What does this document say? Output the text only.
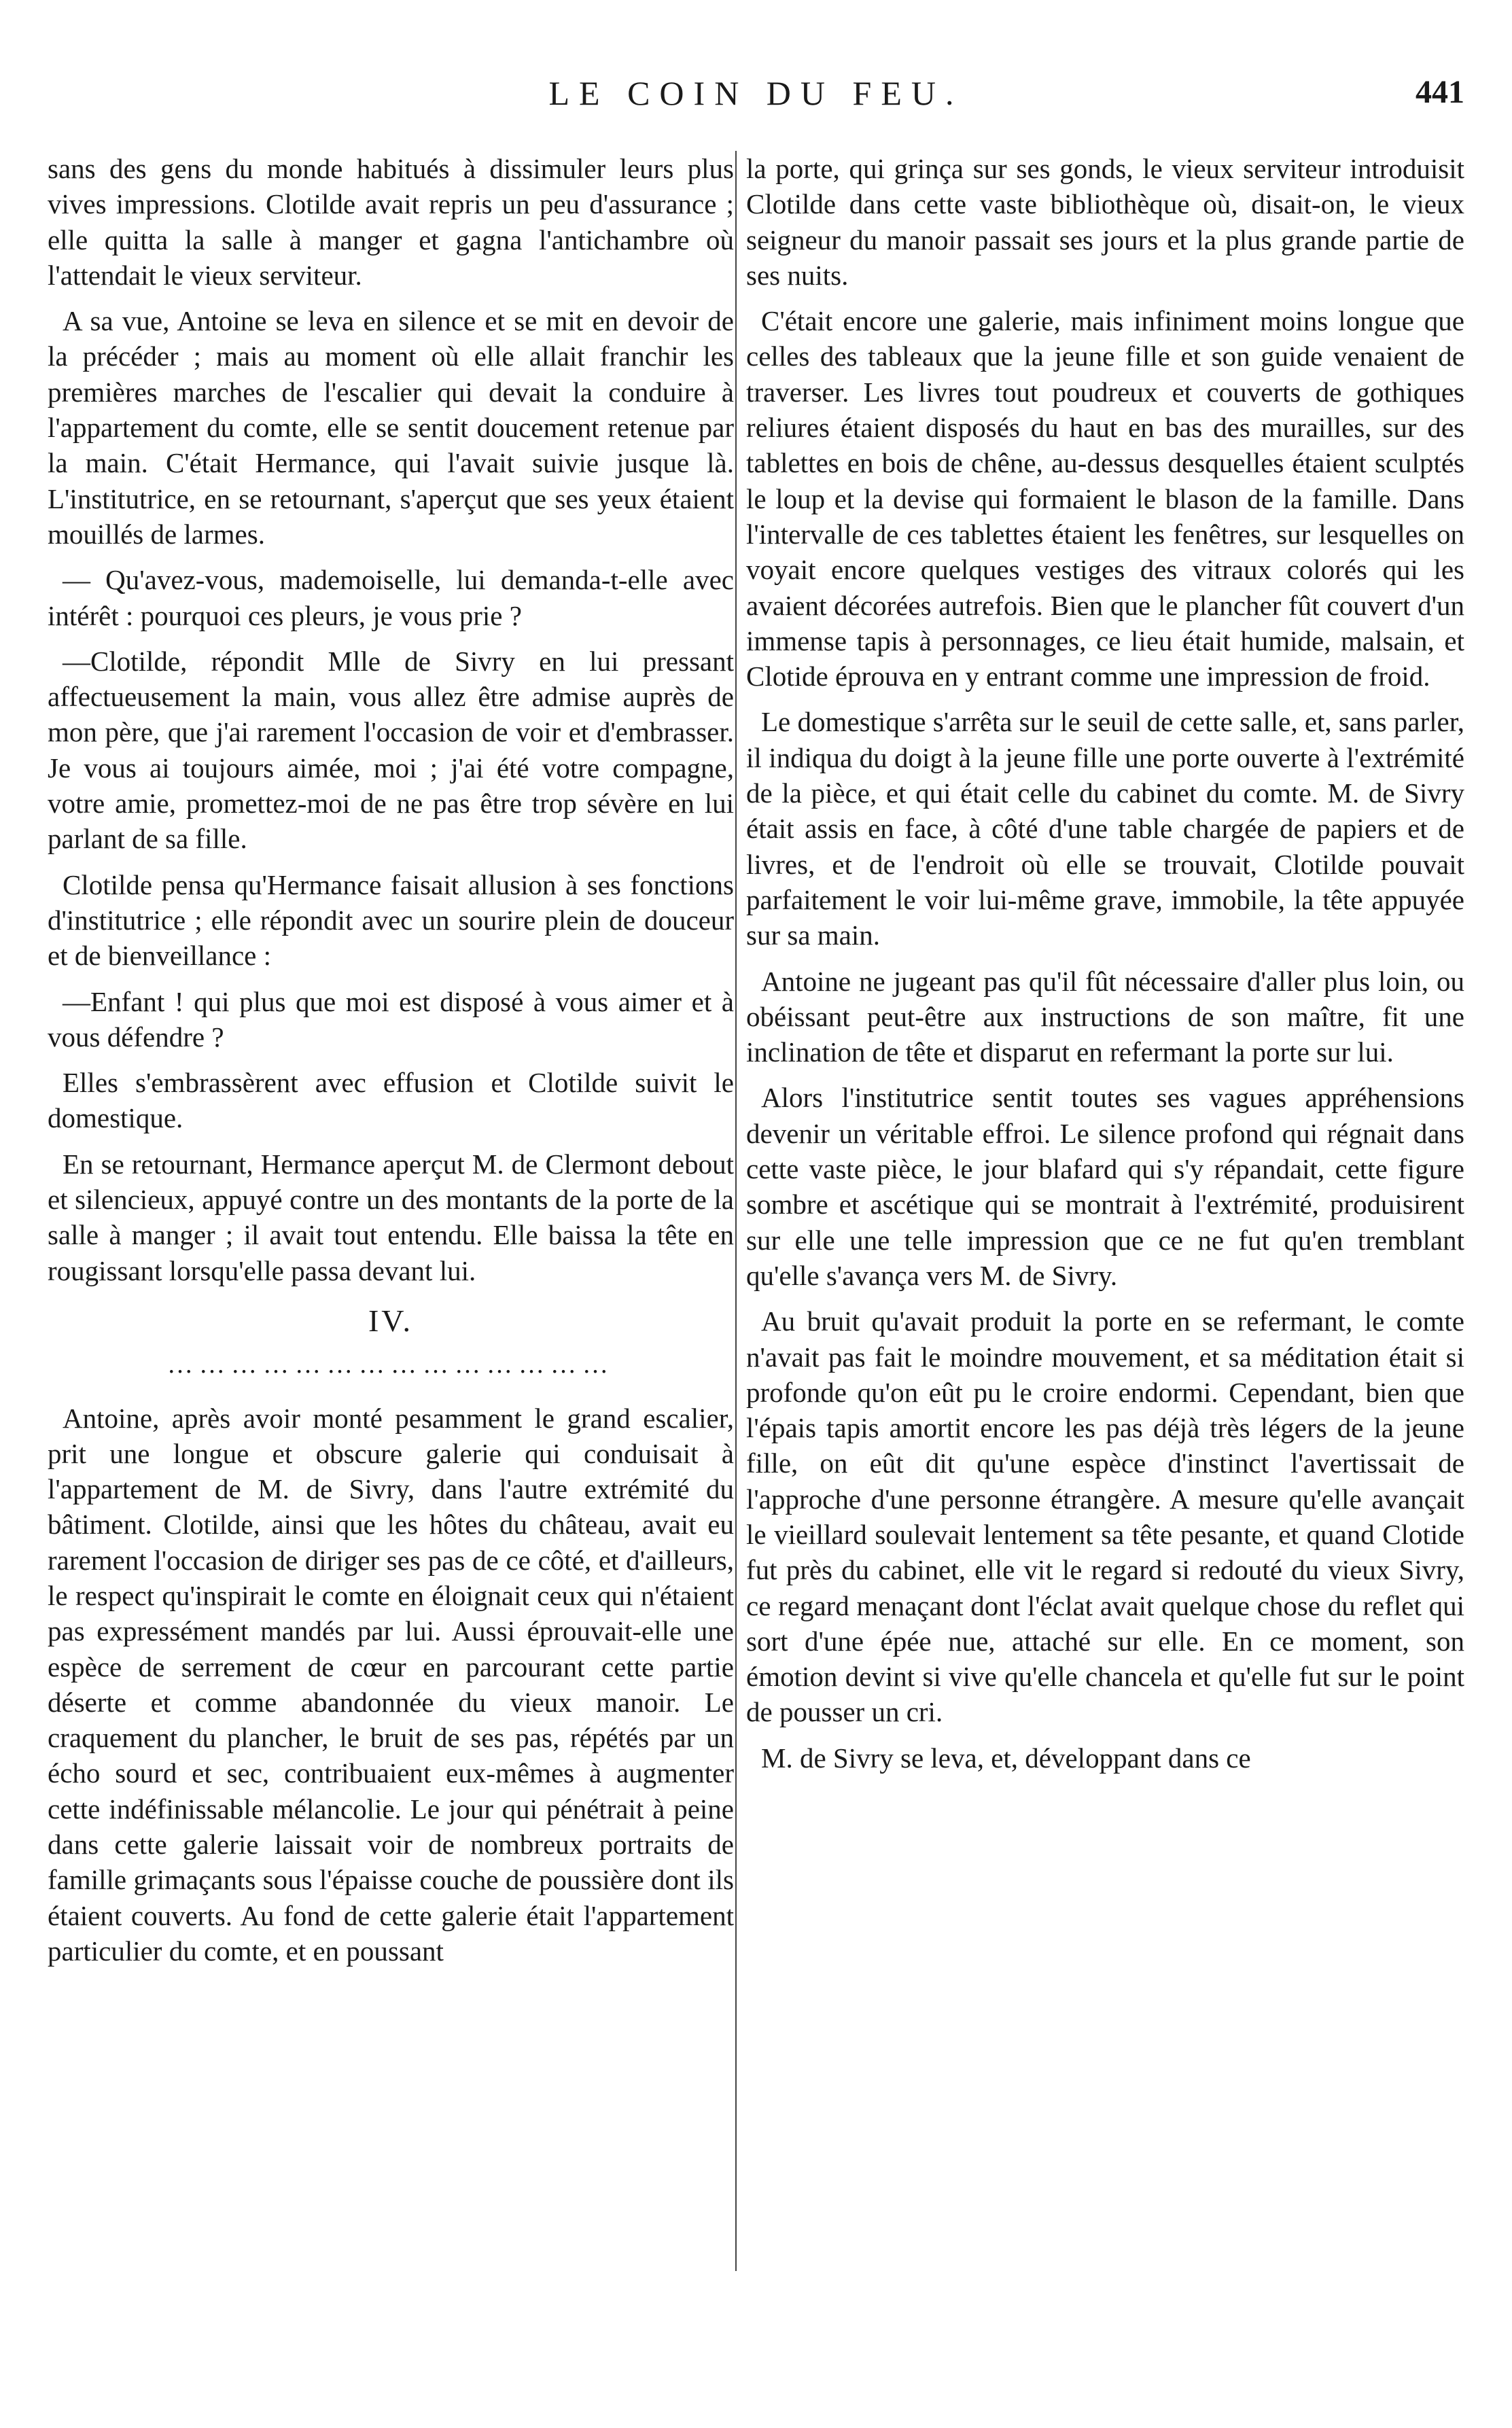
LE COIN DU FEU.	441

sans des gens du monde habitués à dissimuler leurs plus vives impressions. Clotilde avait repris un peu d'assurance ; elle quitta la salle à manger et gagna l'antichambre où l'attendait le vieux serviteur.

A sa vue, Antoine se leva en silence et se mit en devoir de la précéder ; mais au moment où elle allait franchir les premières marches de l'escalier qui devait la conduire à l'appartement du comte, elle se sentit doucement retenue par la main. C'était Hermance, qui l'avait suivie jusque là. L'institutrice, en se retournant, s'aperçut que ses yeux étaient mouillés de larmes.

— Qu'avez-vous, mademoiselle, lui demanda-t-elle avec intérêt : pourquoi ces pleurs, je vous prie ?

—Clotilde, répondit Mlle de Sivry en lui pressant affectueusement la main, vous allez être admise auprès de mon père, que j'ai rarement l'occasion de voir et d'embrasser. Je vous ai toujours aimée, moi ; j'ai été votre compagne, votre amie, promettez-moi de ne pas être trop sévère en lui parlant de sa fille.

Clotilde pensa qu'Hermance faisait allusion à ses fonctions d'institutrice ; elle répondit avec un sourire plein de douceur et de bienveillance :

—Enfant ! qui plus que moi est disposé à vous aimer et à vous défendre ?

Elles s'embrassèrent avec effusion et Clotilde suivit le domestique.

En se retournant, Hermance aperçut M. de Clermont debout et silencieux, appuyé contre un des montants de la porte de la salle à manger ; il avait tout entendu. Elle baissa la tête en rougissant lorsqu'elle passa devant lui.

IV.
……………………………………

Antoine, après avoir monté pesamment le grand escalier, prit une longue et obscure galerie qui conduisait à l'appartement de M. de Sivry, dans l'autre extrémité du bâtiment. Clotilde, ainsi que les hôtes du château, avait eu rarement l'occasion de diriger ses pas de ce côté, et d'ailleurs, le respect qu'inspirait le comte en éloignait ceux qui n'étaient pas expressément mandés par lui. Aussi éprouvait-elle une espèce de serrement de cœur en parcourant cette partie déserte et comme abandonnée du vieux manoir. Le craquement du plancher, le bruit de ses pas, répétés par un écho sourd et sec, contribuaient eux-mêmes à augmenter cette indéfinissable mélancolie. Le jour qui pénétrait à peine dans cette galerie laissait voir de nombreux portraits de famille grimaçants sous l'épaisse couche de poussière dont ils étaient couverts. Au fond de cette galerie était l'appartement particulier du comte, et en poussant

la porte, qui grinça sur ses gonds, le vieux serviteur introduisit Clotilde dans cette vaste bibliothèque où, disait-on, le vieux seigneur du manoir passait ses jours et la plus grande partie de ses nuits.

C'était encore une galerie, mais infiniment moins longue que celles des tableaux que la jeune fille et son guide venaient de traverser. Les livres tout poudreux et couverts de gothiques reliures étaient disposés du haut en bas des murailles, sur des tablettes en bois de chêne, au-dessus desquelles étaient sculptés le loup et la devise qui formaient le blason de la famille. Dans l'intervalle de ces tablettes étaient les fenêtres, sur lesquelles on voyait encore quelques vestiges des vitraux colorés qui les avaient décorées autrefois. Bien que le plancher fût couvert d'un immense tapis à personnages, ce lieu était humide, malsain, et Clotide éprouva en y entrant comme une impression de froid.

Le domestique s'arrêta sur le seuil de cette salle, et, sans parler, il indiqua du doigt à la jeune fille une porte ouverte à l'extrémité de la pièce, et qui était celle du cabinet du comte. M. de Sivry était assis en face, à côté d'une table chargée de papiers et de livres, et de l'endroit où elle se trouvait, Clotilde pouvait parfaitement le voir lui-même grave, immobile, la tête appuyée sur sa main.

Antoine ne jugeant pas qu'il fût nécessaire d'aller plus loin, ou obéissant peut-être aux instructions de son maître, fit une inclination de tête et disparut en refermant la porte sur lui.

Alors l'institutrice sentit toutes ses vagues appréhensions devenir un véritable effroi. Le silence profond qui régnait dans cette vaste pièce, le jour blafard qui s'y répandait, cette figure sombre et ascétique qui se montrait à l'extrémité, produisirent sur elle une telle impression que ce ne fut qu'en tremblant qu'elle s'avança vers M. de Sivry.

Au bruit qu'avait produit la porte en se refermant, le comte n'avait pas fait le moindre mouvement, et sa méditation était si profonde qu'on eût pu le croire endormi. Cependant, bien que l'épais tapis amortit encore les pas déjà très légers de la jeune fille, on eût dit qu'une espèce d'instinct l'avertissait de l'approche d'une personne étrangère. A mesure qu'elle avançait le vieillard soulevait lentement sa tête pesante, et quand Clotide fut près du cabinet, elle vit le regard si redouté du vieux Sivry, ce regard menaçant dont l'éclat avait quelque chose du reflet qui sort d'une épée nue, attaché sur elle. En ce moment, son émotion devint si vive qu'elle chancela et qu'elle fut sur le point de pousser un cri.

M. de Sivry se leva, et, développant dans ce
